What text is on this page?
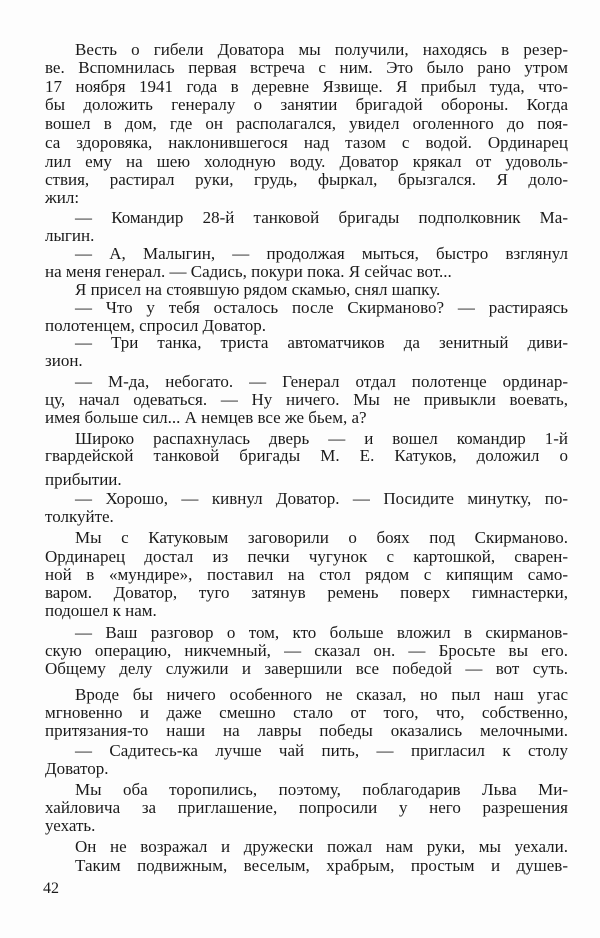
Весть о гибели Доватора мы получили, находясь в резер-
ве. Вспомнилась первая встреча с ним. Это было рано утром
17 ноября 1941 года в деревне Язвище. Я прибыл туда, что-
бы доложить генералу о занятии бригадой обороны. Когда
вошел в дом, где он располагался, увидел оголенного до поя-
са здоровяка, наклонившегося над тазом с водой. Ординарец
лил ему на шею холодную воду. Доватор крякал от удоволь-
ствия, растирал руки, грудь, фыркал, брызгался. Я доло-
жил:
— Командир 28-й танковой бригады подполковник Ма-
лыгин.
— А, Малыгин, — продолжая мыться, быстро взглянул
на меня генерал. — Садись, покури пока. Я сейчас вот...
Я присел на стоявшую рядом скамью, снял шапку.
— Что у тебя осталось после Скирманово? — растираясь
полотенцем, спросил Доватор.
— Три танка, триста автоматчиков да зенитный диви-
зион.
— М-да, небогато. — Генерал отдал полотенце ординар-
цу, начал одеваться. — Ну ничего. Мы не привыкли воевать,
имея больше сил... А немцев все же бьем, а?
Широко распахнулась дверь — и вошел командир 1-й
гвардейской танковой бригады М. Е. Катуков, доложил о
прибытии.
— Хорошо, — кивнул Доватор. — Посидите минутку, по-
толкуйте.
Мы с Катуковым заговорили о боях под Скирманово.
Ординарец достал из печки чугунок с картошкой, сварен-
ной в «мундире», поставил на стол рядом с кипящим само-
варом. Доватор, туго затянув ремень поверх гимнастерки,
подошел к нам.
— Ваш разговор о том, кто больше вложил в скирманов-
скую операцию, никчемный, — сказал он. — Бросьте вы его.
Общему делу служили и завершили все победой — вот суть.
Вроде бы ничего особенного не сказал, но пыл наш угас
мгновенно и даже смешно стало от того, что, собственно,
притязания-то наши на лавры победы оказались мелочными.
— Садитесь-ка лучше чай пить, — пригласил к столу
Доватор.
Мы оба торопились, поэтому, поблагодарив Льва Ми-
хайловича за приглашение, попросили у него разрешения
уехать.
Он не возражал и дружески пожал нам руки, мы уехали.
Таким подвижным, веселым, храбрым, простым и душев-
42
